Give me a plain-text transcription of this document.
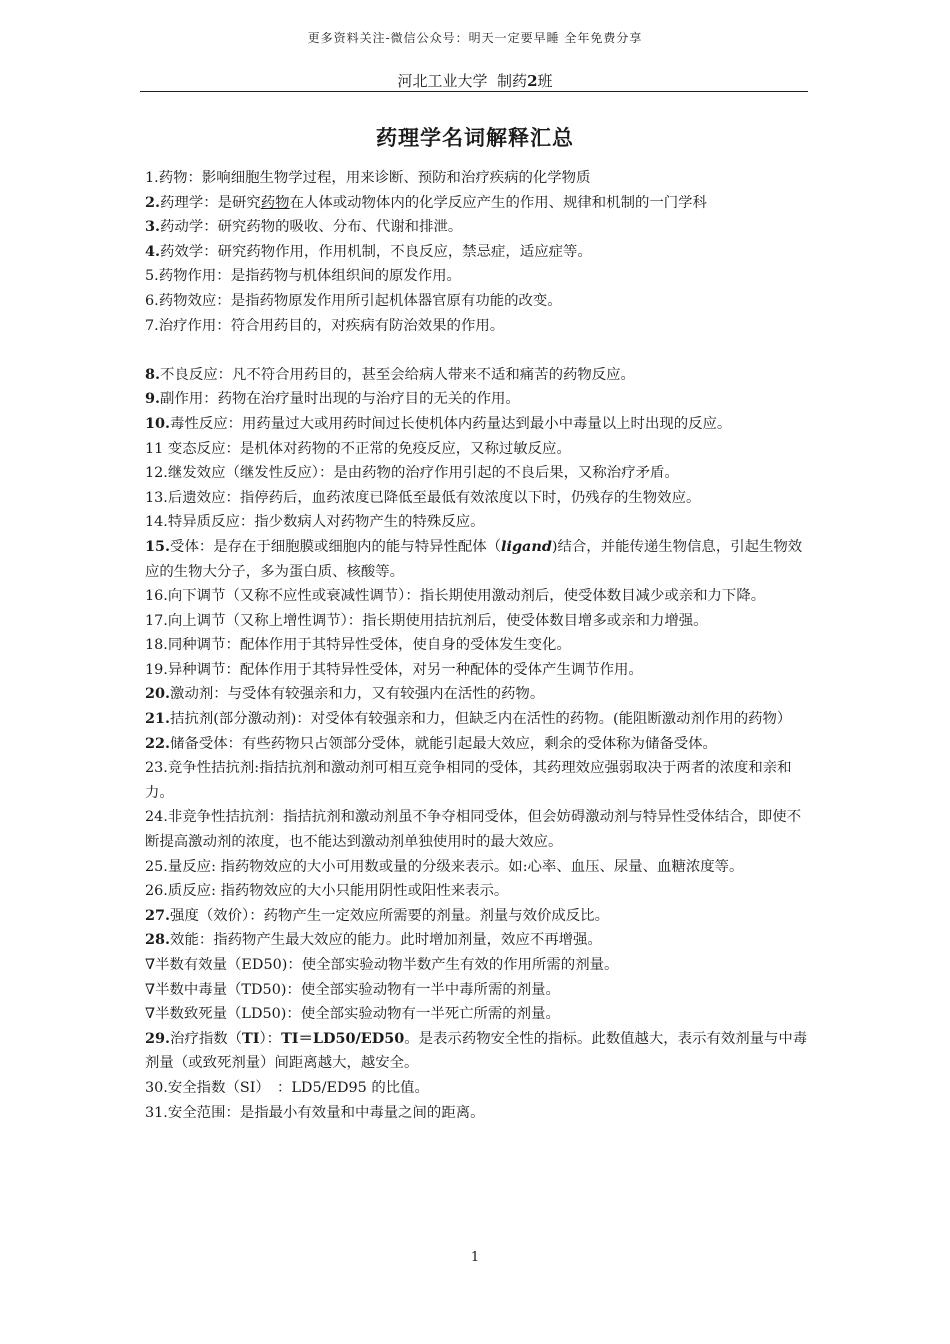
更多资料关注-微信公众号：明天一定要早睡 全年免费分享
河北工业大学 制药2班
药理学名词解释汇总
1.药物：影响细胞生物学过程，用来诊断、预防和治疗疾病的化学物质
2.药理学：是研究药物在人体或动物体内的化学反应产生的作用、规律和机制的一门学科
3.药动学：研究药物的吸收、分布、代谢和排泄。
4.药效学：研究药物作用，作用机制，不良反应，禁忌症，适应症等。
5.药物作用：是指药物与机体组织间的原发作用。
6.药物效应：是指药物原发作用所引起机体器官原有功能的改变。
7.治疗作用：符合用药目的，对疾病有防治效果的作用。
8.不良反应：凡不符合用药目的，甚至会给病人带来不适和痛苦的药物反应。
9.副作用：药物在治疗量时出现的与治疗目的无关的作用。
10.毒性反应：用药量过大或用药时间过长使机体内药量达到最小中毒量以上时出现的反应。
11 变态反应：是机体对药物的不正常的免疫反应，又称过敏反应。
12.继发效应（继发性反应）：是由药物的治疗作用引起的不良后果，又称治疗矛盾。
13.后遗效应：指停药后，血药浓度已降低至最低有效浓度以下时，仍残存的生物效应。
14.特异质反应：指少数病人对药物产生的特殊反应。
15.受体：是存在于细胞膜或细胞内的能与特异性配体（ligand)结合，并能传递生物信息，引起生物效应的生物大分子，多为蛋白质、核酸等。
16.向下调节（又称不应性或衰减性调节）：指长期使用激动剂后，使受体数目减少或亲和力下降。
17.向上调节（又称上增性调节）：指长期使用拮抗剂后，使受体数目增多或亲和力增强。
18.同种调节：配体作用于其特异性受体，使自身的受体发生变化。
19.异种调节：配体作用于其特异性受体，对另一种配体的受体产生调节作用。
20.激动剂：与受体有较强亲和力，又有较强内在活性的药物。
21.拮抗剂(部分激动剂)：对受体有较强亲和力，但缺乏内在活性的药物。(能阻断激动剂作用的药物）
22.储备受体：有些药物只占领部分受体，就能引起最大效应，剩余的受体称为储备受体。
23.竞争性拮抗剂:指拮抗剂和激动剂可相互竞争相同的受体，其药理效应强弱取决于两者的浓度和亲和力。
24.非竞争性拮抗剂：指拮抗剂和激动剂虽不争夺相同受体，但会妨碍激动剂与特异性受体结合，即使不断提高激动剂的浓度，也不能达到激动剂单独使用时的最大效应。
25.量反应: 指药物效应的大小可用数或量的分级来表示。如:心率、血压、尿量、血糖浓度等。
26.质反应: 指药物效应的大小只能用阴性或阳性来表示。
27.强度（效价）：药物产生一定效应所需要的剂量。剂量与效价成反比。
28.效能：指药物产生最大效应的能力。此时增加剂量，效应不再增强。
∇半数有效量（ED50)：使全部实验动物半数产生有效的作用所需的剂量。
∇半数中毒量（TD50)：使全部实验动物有一半中毒所需的剂量。
∇半数致死量（LD50)：使全部实验动物有一半死亡所需的剂量。
29.治疗指数（TI）：TI＝LD50/ED50。是表示药物安全性的指标。此数值越大，表示有效剂量与中毒剂量（或致死剂量）间距离越大，越安全。
30.安全指数（SI）　：LD5/ED95 的比值。
31.安全范围：是指最小有效量和中毒量之间的距离。
1
